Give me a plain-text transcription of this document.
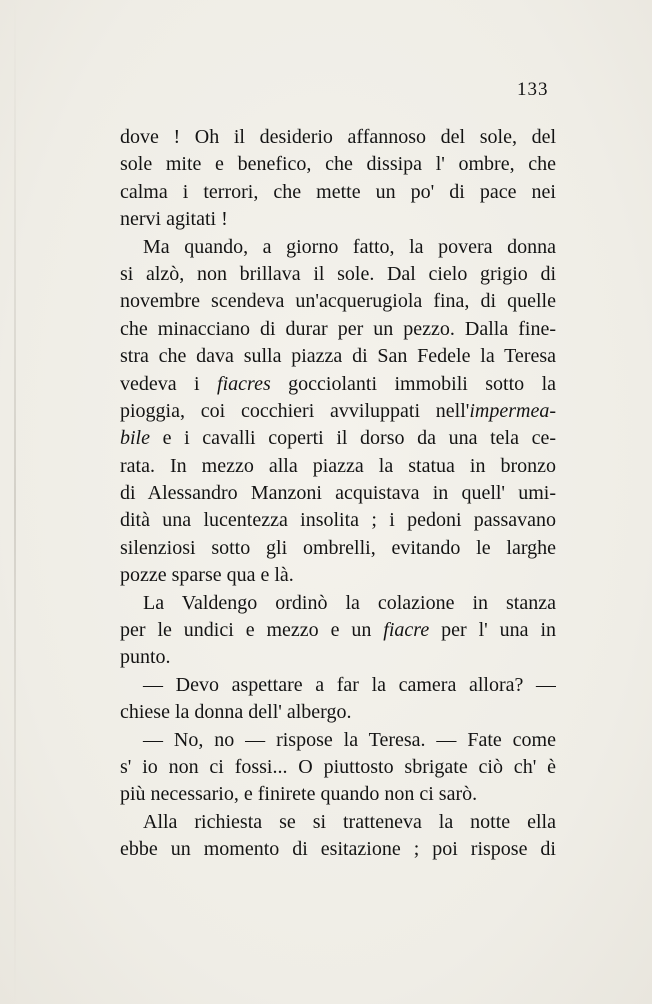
133
dove ! Oh il desiderio affannoso del sole, del
sole mite e benefico, che dissipa l' ombre, che
calma i terrori, che mette un po' di pace nei
nervi agitati !
Ma quando, a giorno fatto, la povera donna
si alzò, non brillava il sole. Dal cielo grigio di
novembre scendeva un'acquerugiola fina, di quelle
che minacciano di durar per un pezzo. Dalla fine-
stra che dava sulla piazza di San Fedele la Teresa
vedeva i fiacres gocciolanti immobili sotto la
pioggia, coi cocchieri avviluppati nell'impermea-
bile e i cavalli coperti il dorso da una tela ce-
rata. In mezzo alla piazza la statua in bronzo
di Alessandro Manzoni acquistava in quell' umi-
dità una lucentezza insolita ; i pedoni passavano
silenziosi sotto gli ombrelli, evitando le larghe
pozze sparse qua e là.
La Valdengo ordinò la colazione in stanza
per le undici e mezzo e un fiacre per l' una in
punto.
— Devo aspettare a far la camera allora? —
chiese la donna dell' albergo.
— No, no — rispose la Teresa. — Fate come
s' io non ci fossi... O piuttosto sbrigate ciò ch' è
più necessario, e finirete quando non ci sarò.
Alla richiesta se si tratteneva la notte ella
ebbe un momento di esitazione ; poi rispose di
